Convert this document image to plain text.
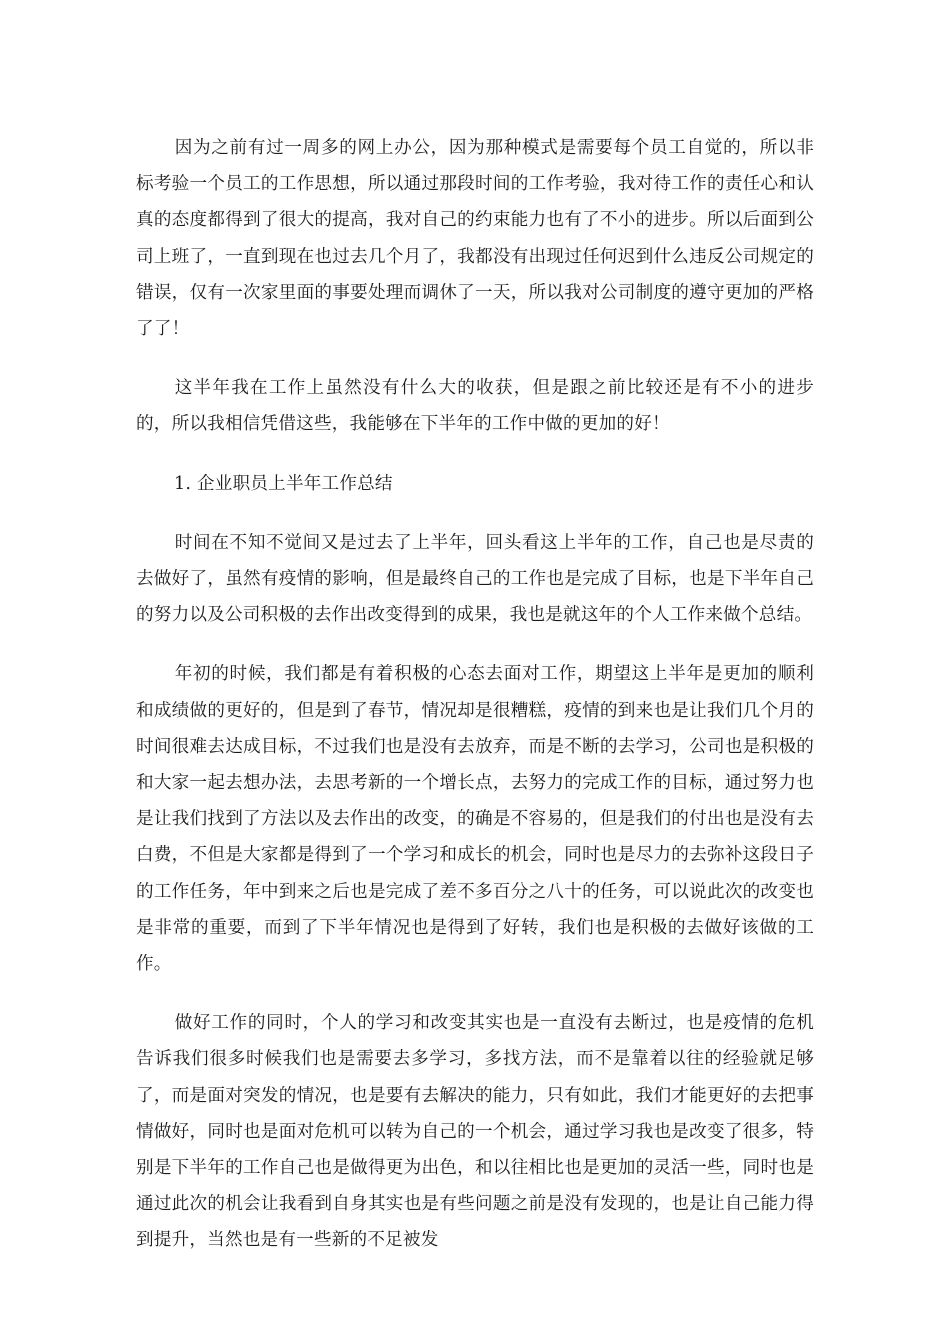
因为之前有过一周多的网上办公，因为那种模式是需要每个员工自觉的，所以非标考验一个员工的工作思想，所以通过那段时间的工作考验，我对待工作的责任心和认真的态度都得到了很大的提高，我对自己的约束能力也有了不小的进步。所以后面到公司上班了，一直到现在也过去几个月了，我都没有出现过任何迟到什么违反公司规定的错误，仅有一次家里面的事要处理而调休了一天，所以我对公司制度的遵守更加的严格了了！

这半年我在工作上虽然没有什么大的收获，但是跟之前比较还是有不小的进步的，所以我相信凭借这些，我能够在下半年的工作中做的更加的好！

1. 企业职员上半年工作总结

时间在不知不觉间又是过去了上半年，回头看这上半年的工作，自己也是尽责的去做好了，虽然有疫情的影响，但是最终自己的工作也是完成了目标，也是下半年自己的努力以及公司积极的去作出改变得到的成果，我也是就这年的个人工作来做个总结。

年初的时候，我们都是有着积极的心态去面对工作，期望这上半年是更加的顺利和成绩做的更好的，但是到了春节，情况却是很糟糕，疫情的到来也是让我们几个月的时间很难去达成目标，不过我们也是没有去放弃，而是不断的去学习，公司也是积极的和大家一起去想办法，去思考新的一个增长点，去努力的完成工作的目标，通过努力也是让我们找到了方法以及去作出的改变，的确是不容易的，但是我们的付出也是没有去白费，不但是大家都是得到了一个学习和成长的机会，同时也是尽力的去弥补这段日子的工作任务，年中到来之后也是完成了差不多百分之八十的任务，可以说此次的改变也是非常的重要，而到了下半年情况也是得到了好转，我们也是积极的去做好该做的工作。

做好工作的同时，个人的学习和改变其实也是一直没有去断过，也是疫情的危机告诉我们很多时候我们也是需要去多学习，多找方法，而不是靠着以往的经验就足够了，而是面对突发的情况，也是要有去解决的能力，只有如此，我们才能更好的去把事情做好，同时也是面对危机可以转为自己的一个机会，通过学习我也是改变了很多，特别是下半年的工作自己也是做得更为出色，和以往相比也是更加的灵活一些，同时也是通过此次的机会让我看到自身其实也是有些问题之前是没有发现的，也是让自己能力得到提升，当然也是有一些新的不足被发
